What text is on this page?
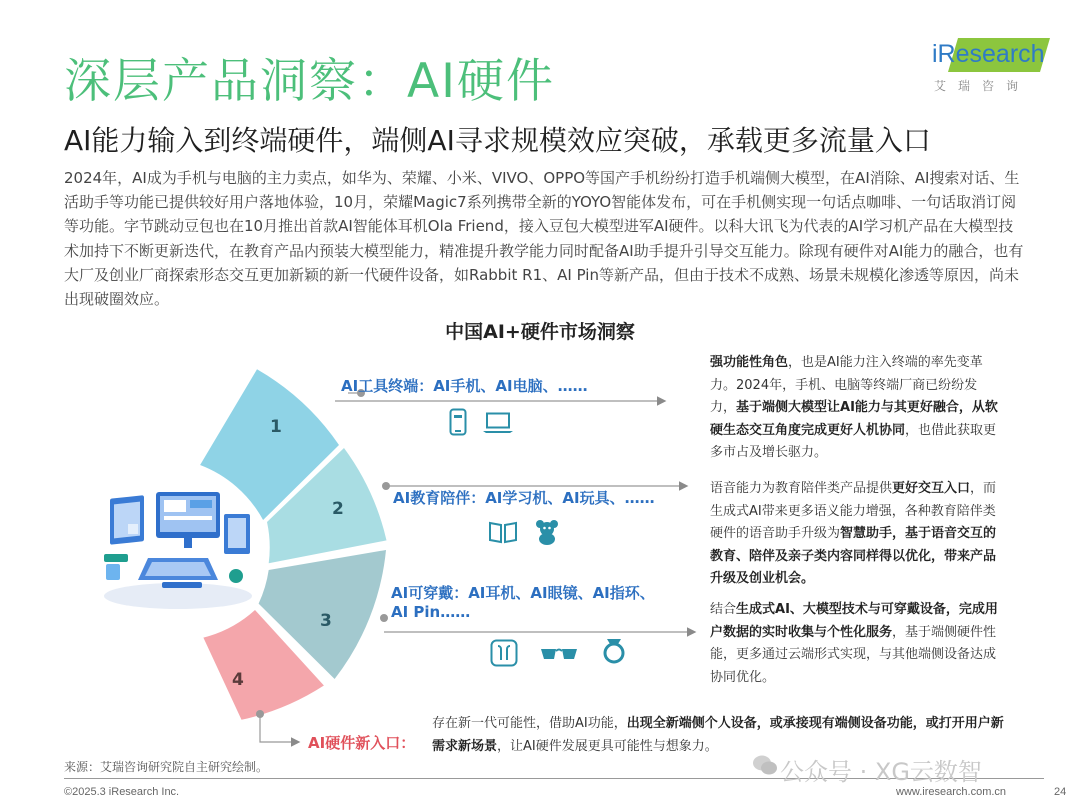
深层产品洞察：AI硬件	iResearch
艾瑞咨询
AI能力输入到终端硬件，端侧AI寻求规模效应突破，承载更多流量入口
2024年，AI成为手机与电脑的主力卖点，如华为、荣耀、小米、VIVO、OPPO等国产手机纷纷打造手机端侧大模型，在AI消除、AI搜索对话、生活助手等功能已提供较好用户落地体验，10月，荣耀Magic7系列携带全新的YOYO智能体发布，可在手机侧实现一句话点咖啡、一句话取消订阅等功能。字节跳动豆包也在10月推出首款AI智能体耳机Ola Friend，接入豆包大模型进军AI硬件。以科大讯飞为代表的AI学习机产品在大模型技术加持下不断更新迭代，在教育产品内预装大模型能力，精准提升教学能力同时配备AI助手提升引导交互能力。除现有硬件对AI能力的融合，也有大厂及创业厂商探索形态交互更加新颖的新一代硬件设备，如Rabbit R1、AI Pin等新产品，但由于技术不成熟、场景未规模化渗透等原因，尚未出现破圈效应。
中国AI+硬件市场洞察
1
2
3
4
AI工具终端：AI手机、AI电脑、……
AI教育陪伴：AI学习机、AI玩具、……
AI可穿戴：AI耳机、AI眼镜、AI指环、
AI Pin……
AI硬件新入口：
强功能性角色，也是AI能力注入终端的率先变革力。2024年，手机、电脑等终端厂商已纷纷发力，基于端侧大模型让AI能力与其更好融合，从软硬生态交互角度完成更好人机协同，也借此获取更多市占及增长驱力。
语音能力为教育陪伴类产品提供更好交互入口，而生成式AI带来更多语义能力增强，各种教育陪伴类硬件的语音助手升级为智慧助手，基于语音交互的教育、陪伴及亲子类内容同样得以优化，带来产品升级及创业机会。
结合生成式AI、大模型技术与可穿戴设备，完成用户数据的实时收集与个性化服务，基于端侧硬件性能，更多通过云端形式实现，与其他端侧设备达成协同优化。
存在新一代可能性，借助AI功能，出现全新端侧个人设备，或承接现有端侧设备功能，或打开用户新需求新场景，让AI硬件发展更具可能性与想象力。
来源：艾瑞咨询研究院自主研究绘制。
©2025.3 iResearch Inc.	www.iresearch.com.cn	24
公众号 · XG云数智
